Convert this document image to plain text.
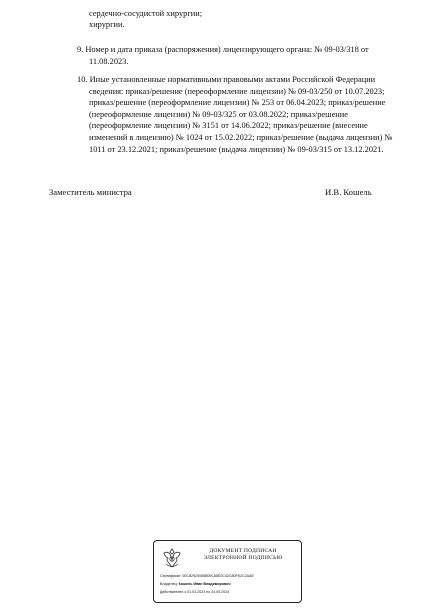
сердечно-сосудистой хирургии;
хирургии.
9. Номер и дата приказа (распоряжения) лицензирующего органа: № 09-03/318 от
11.08.2023.
10. Иные установленные нормативными правовыми актами Российской Федерации
сведения: приказ/решение (переоформление лицензии) № 09-03/250 от 10.07.2023;
приказ/решение (переоформление лицензии) № 253 от 06.04.2023; приказ/решение
(переоформление лицензии) № 09-03/325 от 03.08.2022; приказ/решение
(переоформление лицензии) № 3151 от 14.06.2022; приказ/решение (внесение
изменений в лицензию) № 1024 от 15.02.2022; приказ/решение (выдача лицензии) №
1011 от 23.12.2021; приказ/решение (выдача лицензии) № 09-03/315 от 13.12.2021.
Заместитель министра	И.В. Кошель
ДОКУМЕНТ ПОДПИСАН
ЭЛЕКТРОННОЙ ПОДПИСЬЮ
Сертификат: 00C82920085B09C85E0C42C80FE2C2AAE
Владелец: Кошель Иван Владимирович
Действителен с 01.03.2023 по 24.05.2024
